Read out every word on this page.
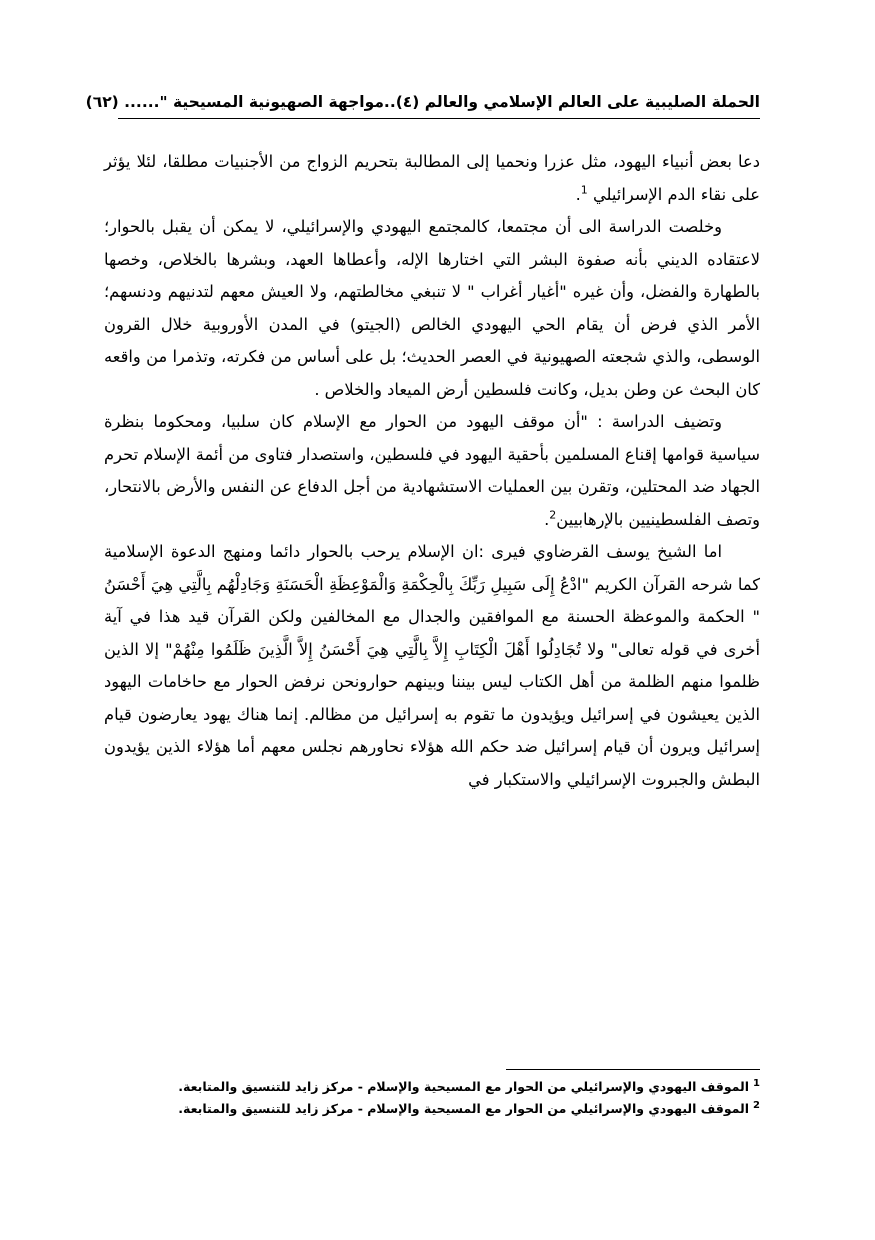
الحملة الصليبية على العالم الإسلامي والعالم (٤)..مواجهة الصهيونية المسيحية "...... (٦٢)

دعا بعض أنبياء اليهود، مثل عزرا ونحميا إلى المطالبة بتحريم الزواج من الأجنبيات مطلقا، لئلا يؤثر على نقاء الدم الإسرائيلي $^1$.

وخلصت الدراسة الى أن مجتمعا، كالمجتمع اليهودي والإسرائيلي، لا يمكن أن يقبل بالحوار؛ لاعتقاده الديني بأنه صفوة البشر التي اختارها الإله، وأعطاها العهد، وبشرها بالخلاص، وخصها بالطهارة والفضل، وأن غيره "أغيار أغراب " لا تنبغي مخالطتهم، ولا العيش معهم لتدنيهم ودنسهم؛ الأمر الذي فرض أن يقام الحي اليهودي الخالص (الجيتو) في المدن الأوروبية خلال القرون الوسطى، والذي شجعته الصهيونية في العصر الحديث؛ بل على أساس من فكرته، وتذمرا من واقعه كان البحث عن وطن بديل، وكانت فلسطين أرض الميعاد والخلاص .

وتضيف الدراسة : "أن موقف اليهود من الحوار مع الإسلام كان سلبيا، ومحكوما بنظرة سياسية قوامها إقناع المسلمين بأحقية اليهود في فلسطين، واستصدار فتاوى من أئمة الإسلام تحرم الجهاد ضد المحتلين، وتقرن بين العمليات الاستشهادية من أجل الدفاع عن النفس والأرض بالانتحار، وتصف الفلسطينيين بالإرهابيين$^2$.

اما الشيخ يوسف القرضاوي فيرى :ان الإسلام يرحب بالحوار دائما ومنهج الدعوة الإسلامية كما شرحه القرآن الكريم "ادْعُ إِلَى سَبِيلِ رَبِّكَ بِالْحِكْمَةِ وَالْمَوْعِظَةِ الْحَسَنَةِ وَجَادِلْهُم بِالَّتِي هِيَ أَحْسَنُ " الحكمة والموعظة الحسنة مع الموافقين والجدال مع المخالفين ولكن القرآن قيد هذا في آية أخرى في قوله تعالى" ولا تُجَادِلُوا أَهْلَ الْكِتَابِ إِلاَّ بِالَّتِي هِيَ أَحْسَنُ إِلاَّ الَّذِينَ ظَلَمُوا مِنْهُمْ" إلا الذين ظلموا منهم الظلمة من أهل الكتاب ليس بيننا وبينهم حوارونحن نرفض الحوار مع حاخامات اليهود الذين يعيشون في إسرائيل ويؤيدون ما تقوم به إسرائيل من مظالم. إنما هناك يهود يعارضون قيام إسرائيل ويرون أن قيام إسرائيل ضد حكم الله هؤلاء نحاورهم نجلس معهم أما هؤلاء الذين يؤيدون البطش والجبروت الإسرائيلي والاستكبار في

$^1$الموقف اليهودي والإسرائيلي من الحوار مع المسيحية والإسلام - مركز زايد للتنسيق والمتابعة.

$^2$الموقف اليهودي والإسرائيلي من الحوار مع المسيحية والإسلام - مركز زايد للتنسيق والمتابعة.
